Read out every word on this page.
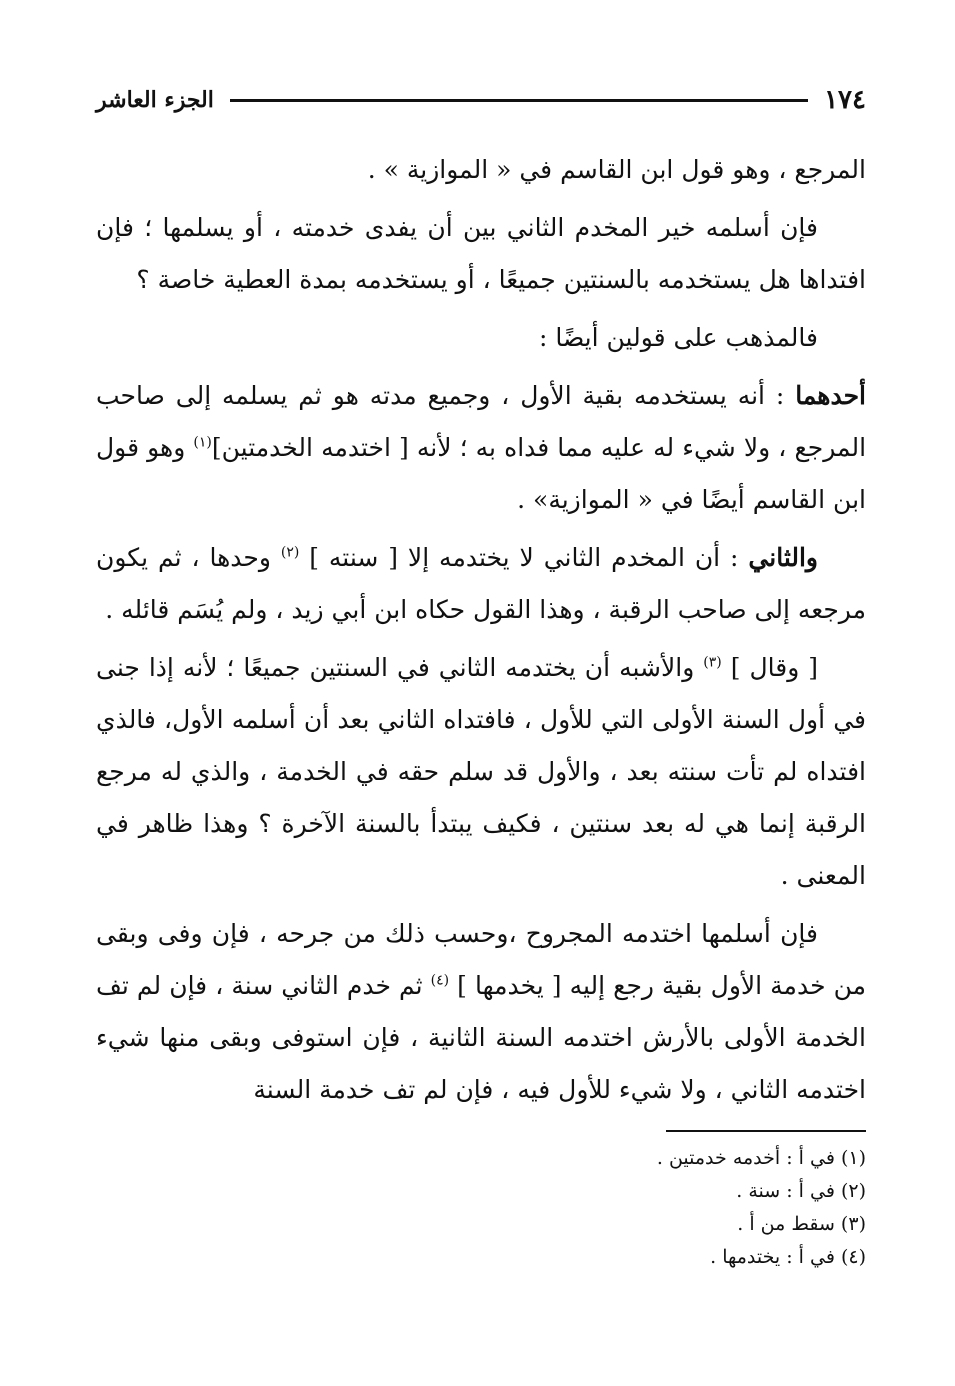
١٧٤
الجزء العاشر

المرجع ، وهو قول ابن القاسم في « الموازية » .

فإن أسلمه خير المخدم الثاني بين أن يفدى خدمته ، أو يسلمها ؛ فإن افتداها هل يستخدمه بالسنتين جميعًا ، أو يستخدمه بمدة العطية خاصة ؟

فالمذهب على قولين أيضًا :

أحدهما : أنه يستخدمه بقية الأول ، وجميع مدته هو ثم يسلمه إلى صاحب المرجع ، ولا شيء له عليه مما فداه به ؛ لأنه [ اختدمه الخدمتين]$^{(١)}$ وهو قول ابن القاسم أيضًا في « الموازية» .

والثاني : أن المخدم الثاني لا يختدمه إلا [ سنته ] $^{(٢)}$ وحدها ، ثم يكون مرجعه إلى صاحب الرقبة ، وهذا القول حكاه ابن أبي زيد ، ولم يُسَم قائله .

[ وقال ] $^{(٣)}$ والأشبه أن يختدمه الثاني في السنتين جميعًا ؛ لأنه إذا جنى في أول السنة الأولى التي للأول ، فافتداه الثاني بعد أن أسلمه الأول، فالذي افتداه لم تأت سنته بعد ، والأول قد سلم حقه في الخدمة ، والذي له مرجع الرقبة إنما هي له بعد سنتين ، فكيف يبتدأ بالسنة الآخرة ؟ وهذا ظاهر في المعنى .

فإن أسلمها اختدمه المجروح ،وحسب ذلك من جرحه ، فإن وفى وبقى من خدمة الأول بقية رجع إليه [ يخدمها ] $^{(٤)}$ ثم خدم الثاني سنة ، فإن لم تف الخدمة الأولى بالأرش اختدمه السنة الثانية ، فإن استوفى وبقى منها شيء اختدمه الثاني ، ولا شيء للأول فيه ، فإن لم تف خدمة السنة

(١) في أ : أخدمه خدمتين .
(٢) في أ : سنة .
(٣) سقط من أ .
(٤) في أ : يختدمها .
